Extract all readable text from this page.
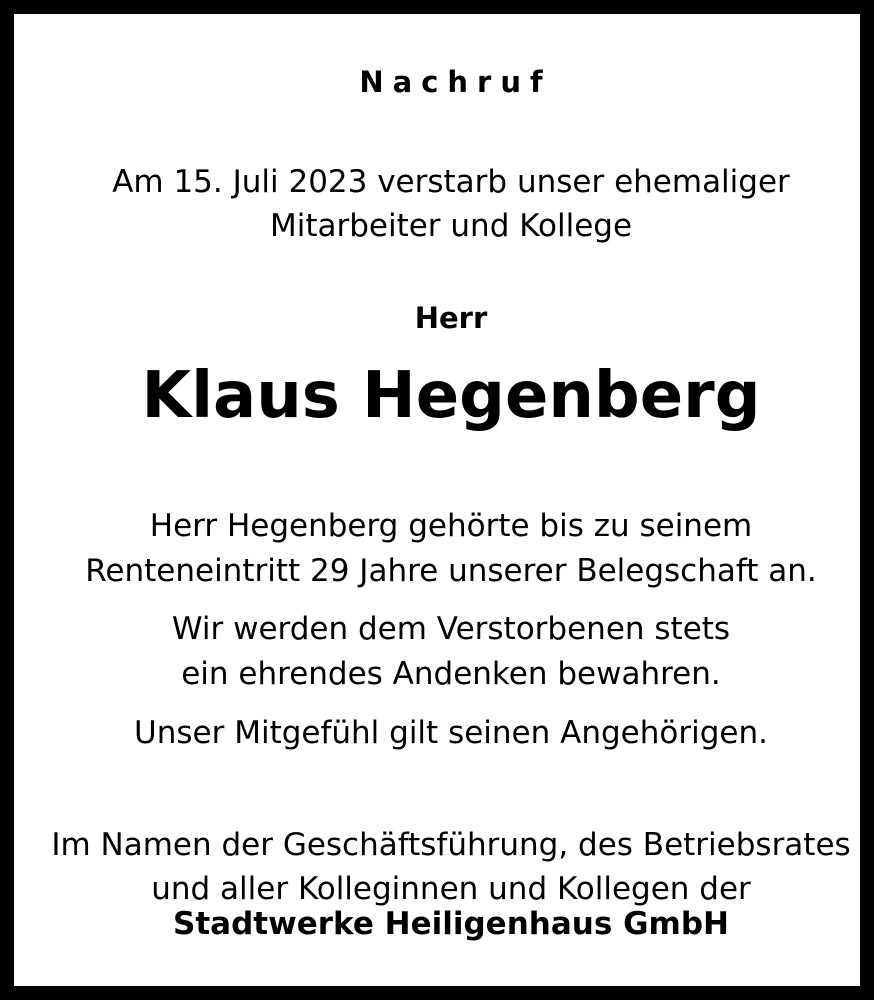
Nachruf
Am 15. Juli 2023 verstarb unser ehemaliger
Mitarbeiter und Kollege
Herr
Klaus Hegenberg
Herr Hegenberg gehörte bis zu seinem
Renteneintritt 29 Jahre unserer Belegschaft an.
Wir werden dem Verstorbenen stets
ein ehrendes Andenken bewahren.
Unser Mitgefühl gilt seinen Angehörigen.
Im Namen der Geschäftsführung, des Betriebsrates
und aller Kolleginnen und Kollegen der
Stadtwerke Heiligenhaus GmbH
